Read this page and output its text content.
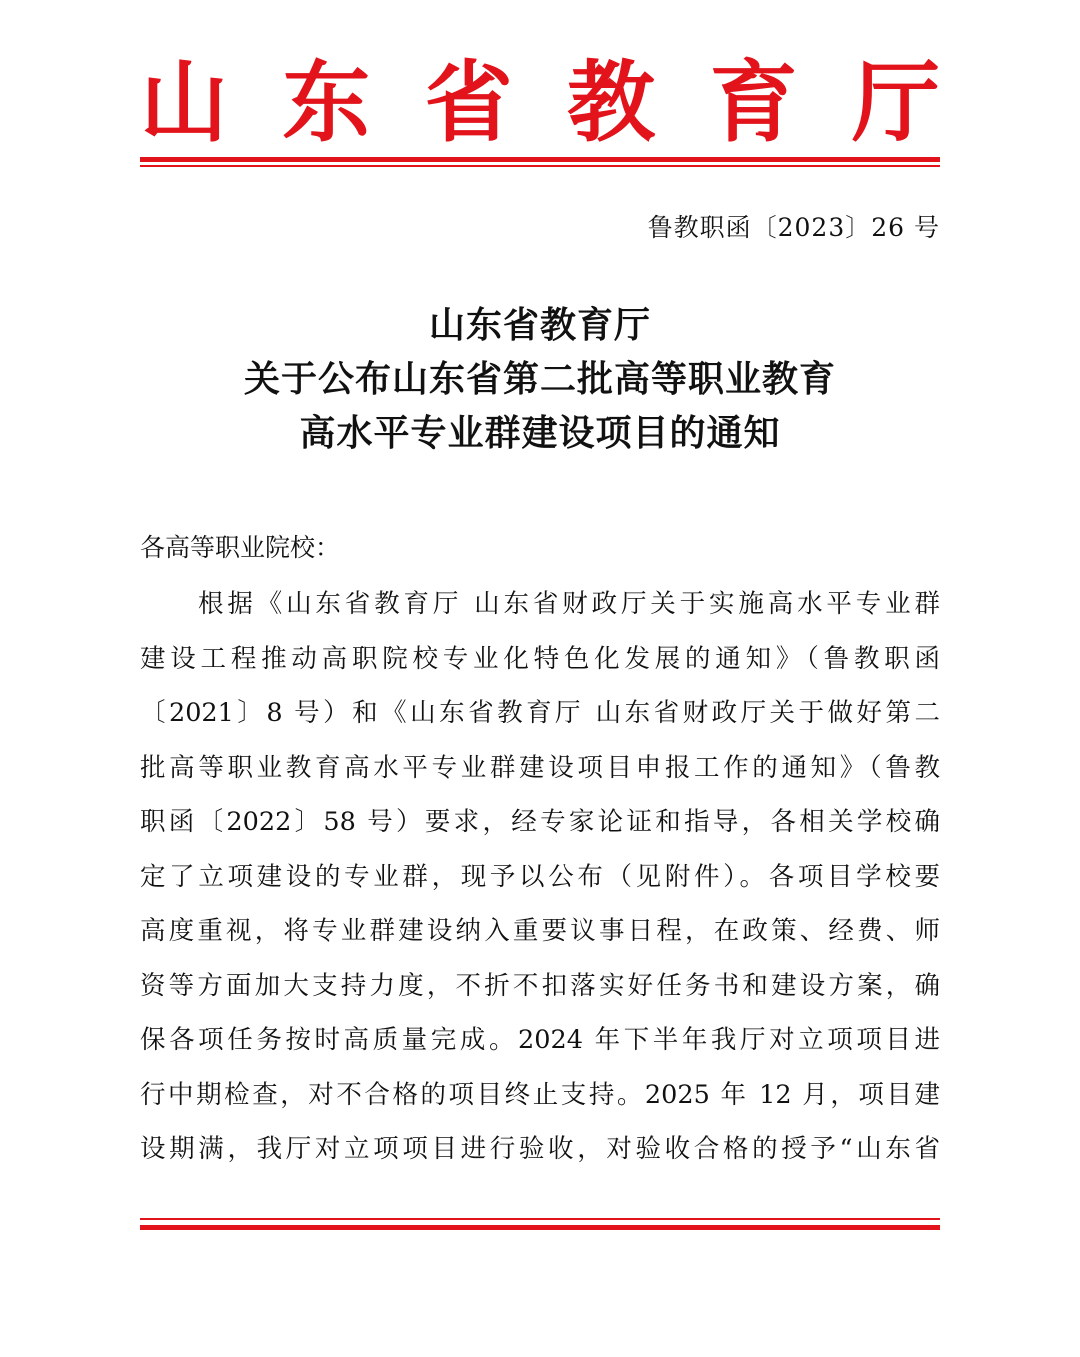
山 东 省 教 育 厅
鲁教职函〔2023〕26 号
山东省教育厅
关于公布山东省第二批高等职业教育
高水平专业群建设项目的通知
各高等职业院校：
根据《山东省教育厅 山东省财政厅关于实施高水平专业群
建设工程推动高职院校专业化特色化发展的通知》（鲁教职函
〔2021〕8 号）和《山东省教育厅 山东省财政厅关于做好第二
批高等职业教育高水平专业群建设项目申报工作的通知》（鲁教
职函〔2022〕58 号）要求，经专家论证和指导，各相关学校确
定了立项建设的专业群，现予以公布（见附件）。各项目学校要
高度重视，将专业群建设纳入重要议事日程，在政策、经费、师
资等方面加大支持力度，不折不扣落实好任务书和建设方案，确
保各项任务按时高质量完成。2024 年下半年我厅对立项项目进
行中期检查，对不合格的项目终止支持。2025 年 12 月，项目建
设期满，我厅对立项项目进行验收，对验收合格的授予“山东省
